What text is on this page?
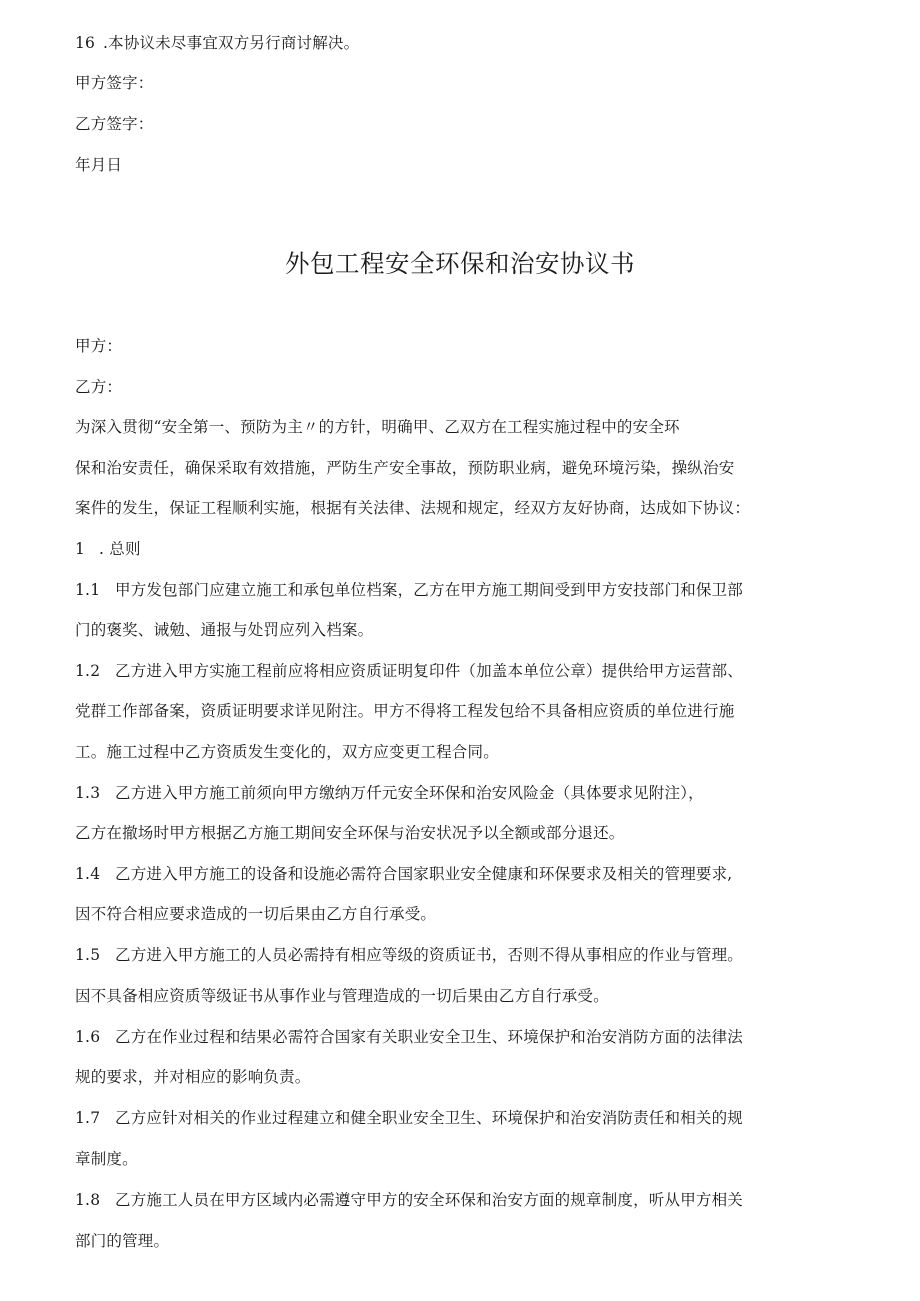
16 .本协议未尽事宜双方另行商讨解决。
甲方签字：
乙方签字：
年月日
外包工程安全环保和治安协议书
甲方：
乙方：
为深入贯彻“安全第一、预防为主〃的方针，明确甲、乙双方在工程实施过程中的安全环
保和治安责任，确保采取有效措施，严防生产安全事故，预防职业病，避免环境污染，操纵治安
案件的发生，保证工程顺利实施，根据有关法律、法规和规定，经双方友好协商，达成如下协议：
1 . 总则
1.1 甲方发包部门应建立施工和承包单位档案，乙方在甲方施工期间受到甲方安技部门和保卫部
门的褒奖、诫勉、通报与处罚应列入档案。
1.2 乙方进入甲方实施工程前应将相应资质证明复印件（加盖本单位公章）提供给甲方运营部、
党群工作部备案，资质证明要求详见附注。甲方不得将工程发包给不具备相应资质的单位进行施
工。施工过程中乙方资质发生变化的，双方应变更工程合同。
1.3 乙方进入甲方施工前须向甲方缴纳万仟元安全环保和治安风险金（具体要求见附注），
乙方在撤场时甲方根据乙方施工期间安全环保与治安状况予以全额或部分退还。
1.4 乙方进入甲方施工的设备和设施必需符合国家职业安全健康和环保要求及相关的管理要求,
因不符合相应要求造成的一切后果由乙方自行承受。
1.5 乙方进入甲方施工的人员必需持有相应等级的资质证书，否则不得从事相应的作业与管理。
因不具备相应资质等级证书从事作业与管理造成的一切后果由乙方自行承受。
1.6 乙方在作业过程和结果必需符合国家有关职业安全卫生、环境保护和治安消防方面的法律法
规的要求，并对相应的影响负责。
1.7 乙方应针对相关的作业过程建立和健全职业安全卫生、环境保护和治安消防责任和相关的规
章制度。
1.8 乙方施工人员在甲方区域内必需遵守甲方的安全环保和治安方面的规章制度，听从甲方相关
部门的管理。
